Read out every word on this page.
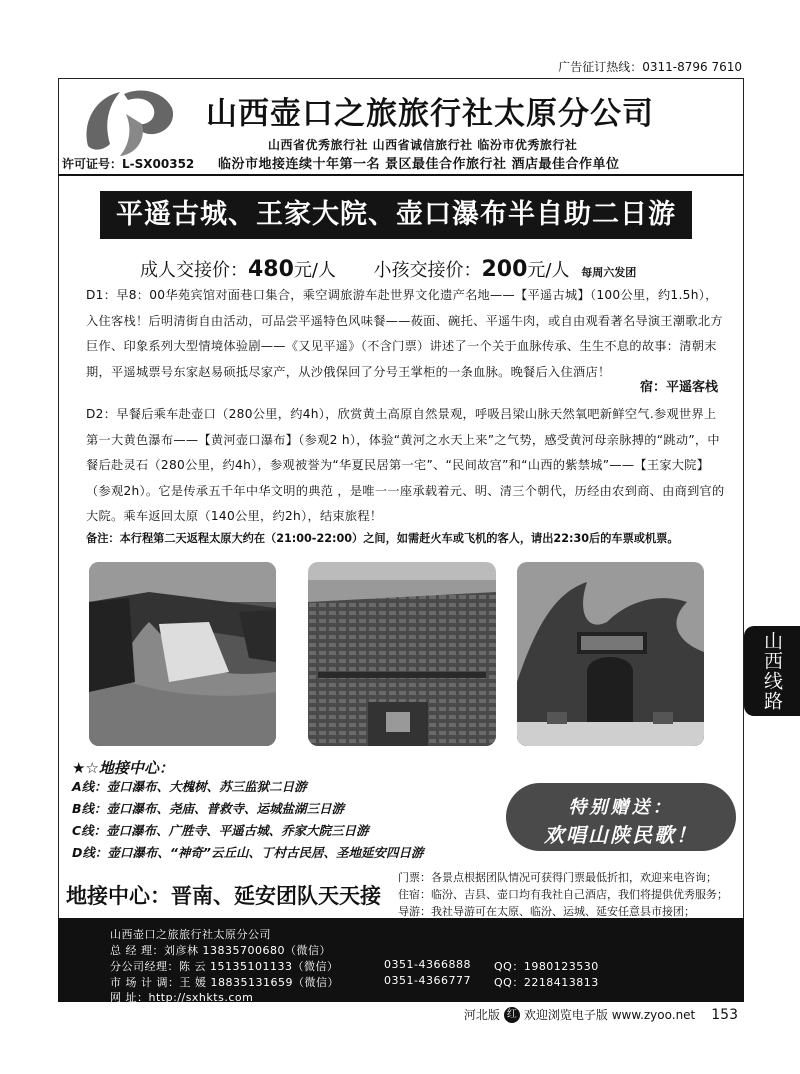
广告征订热线：0311-8796 7610
山西壶口之旅旅行社太原分公司
山西省优秀旅行社 山西省诚信旅行社 临汾市优秀旅行社
许可证号：L-SX00352 临汾市地接连续十年第一名 景区最佳合作旅行社 酒店最佳合作单位
平遥古城、王家大院、壶口瀑布半自助二日游
成人交接价：480元/人 小孩交接价：200元/人 每周六发团
D1：早8：00华苑宾馆对面巷口集合，乘空调旅游车赴世界文化遗产名地——【平遥古城】（100公里，约1.5h），入住客栈！后明清街自由活动，可品尝平遥特色风味餐——莜面、碗托、平遥牛肉，或自由观看著名导演王潮歌北方巨作、印象系列大型情境体验剧——《又见平遥》（不含门票）讲述了一个关于血脉传承、生生不息的故事：清朝末期，平遥城票号东家赵易硕抵尽家产，从沙俄保回了分号王掌柜的一条血脉。晚餐后入住酒店！
宿：平遥客栈
D2：早餐后乘车赴壶口（280公里，约4h），欣赏黄土高原自然景观，呼吸吕梁山脉天然氧吧新鲜空气.参观世界上第一大黄色瀑布——【黄河壶口瀑布】（参观2 h），体验“黄河之水天上来”之气势，感受黄河母亲脉搏的“跳动”，中餐后赴灵石（280公里，约4h），参观被誉为“华夏民居第一宅”、“民间故宫”和“山西的紫禁城”——【王家大院】（参观2h）。它是传承五千年中华文明的典范 ，是唯一一座承载着元、明、清三个朝代，历经由农到商、由商到官的大院。乘车返回太原（140公里，约2h），结束旅程！
备注：本行程第二天返程太原大约在（21:00-22:00）之间，如需赶火车或飞机的客人，请出22:30后的车票或机票。
山西线路
★☆地接中心：
A线：壶口瀑布、大槐树、苏三监狱二日游
B线：壶口瀑布、尧庙、普救寺、运城盐湖三日游
C线：壶口瀑布、广胜寺、平遥古城、乔家大院三日游
D线：壶口瀑布、“神奇”云丘山、丁村古民居、圣地延安四日游
特别赠送：
欢唱山陕民歌！
地接中心：晋南、延安团队天天接
门票：各景点根据团队情况可获得门票最低折扣，欢迎来电咨询；
住宿：临汾、吉县、壶口均有我社自己酒店，我们将提供优秀服务；
导游：我社导游可在太原、临汾、运城、延安任意县市接团；
山西壶口之旅旅行社太原分公司
总 经 理：刘彦林 13835700680（微信）
分公司经理：陈 云 15135101133（微信）
市 场 计 调：王 媛 18835131659（微信）
网 址：http://sxhkts.com
0351-4366888
0351-4366777
QQ：1980123530
QQ：2218413813
河北版 红 欢迎浏览电子版 www.zyoo.net 153
